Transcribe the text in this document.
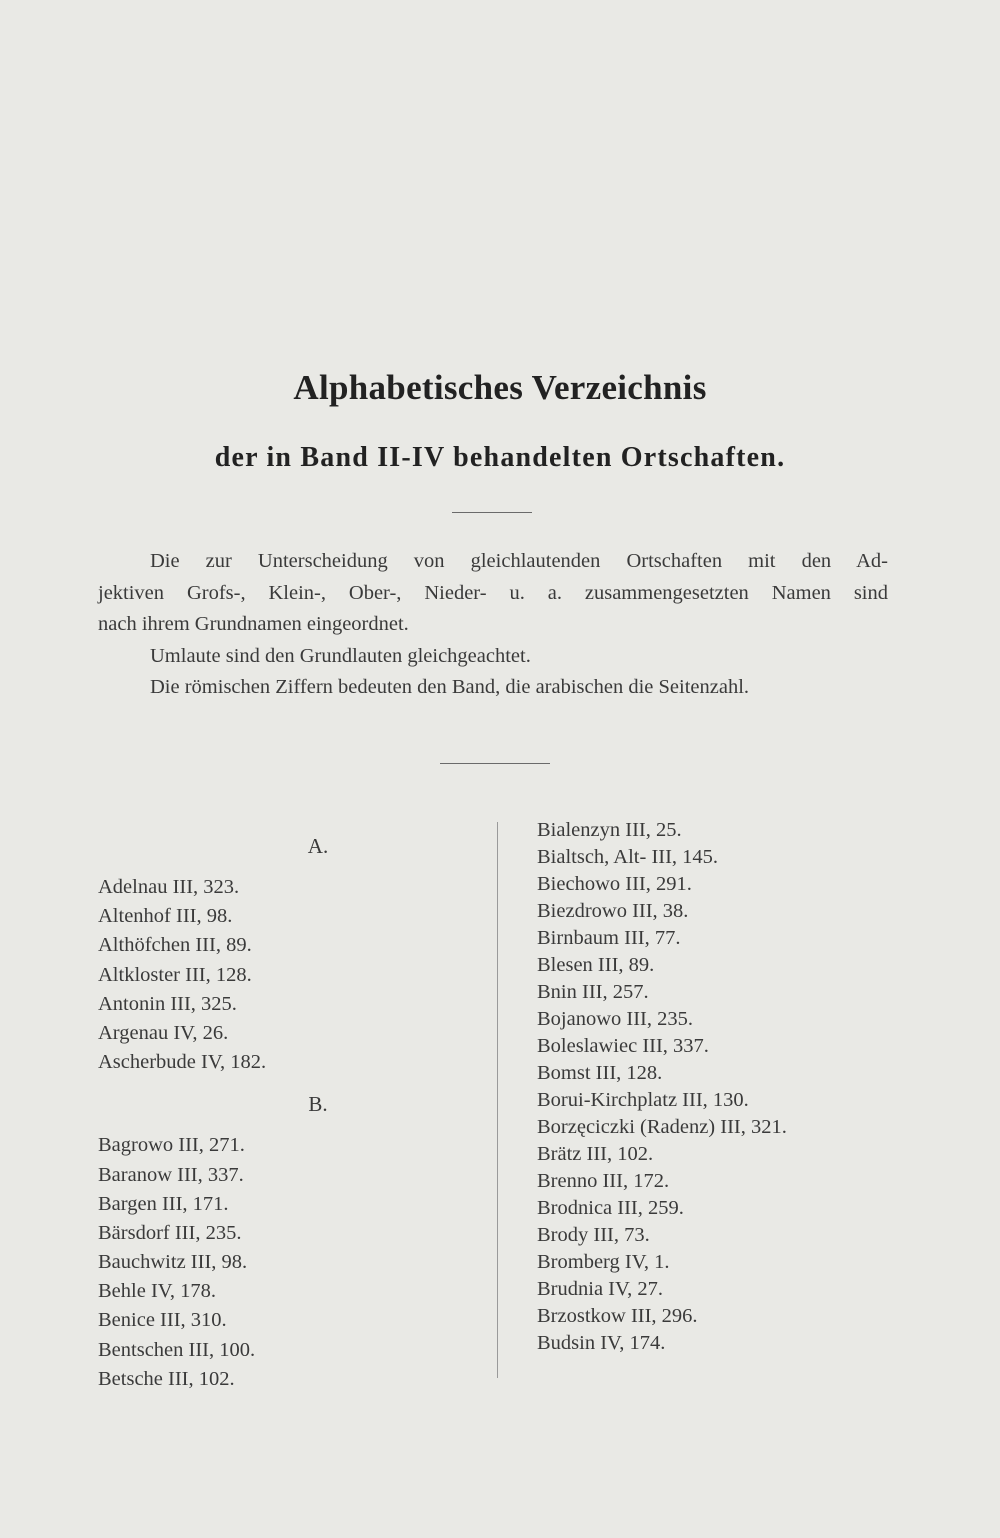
Alphabetisches Verzeichnis
der in Band II-IV behandelten Ortschaften.

Die zur Unterscheidung von gleichlautenden Ortschaften mit den Ad-

jektiven Grofs-, Klein-, Ober-, Nieder- u. a. zusammengesetzten Namen sind

nach ihrem Grundnamen eingeordnet.

Umlaute sind den Grundlauten gleichgeachtet.

Die römischen Ziffern bedeuten den Band, die arabischen die Seitenzahl.

A.
Adelnau III, 323.
Altenhof III, 98.
Althöfchen III, 89.
Altkloster III, 128.
Antonin III, 325.
Argenau IV, 26.
Ascherbude IV, 182.
B.
Bagrowo III, 271.
Baranow III, 337.
Bargen III, 171.
Bärsdorf III, 235.
Bauchwitz III, 98.
Behle IV, 178.
Benice III, 310.
Bentschen III, 100.
Betsche III, 102.
Bialenzyn III, 25.
Bialtsch, Alt- III, 145.
Biechowo III, 291.
Biezdrowo III, 38.
Birnbaum III, 77.
Blesen III, 89.
Bnin III, 257.
Bojanowo III, 235.
Boleslawiec III, 337.
Bomst III, 128.
Borui-Kirchplatz III, 130.
Borzęciczki (Radenz) III, 321.
Brätz III, 102.
Brenno III, 172.
Brodnica III, 259.
Brody III, 73.
Bromberg IV, 1.
Brudnia IV, 27.
Brzostkow III, 296.
Budsin IV, 174.
